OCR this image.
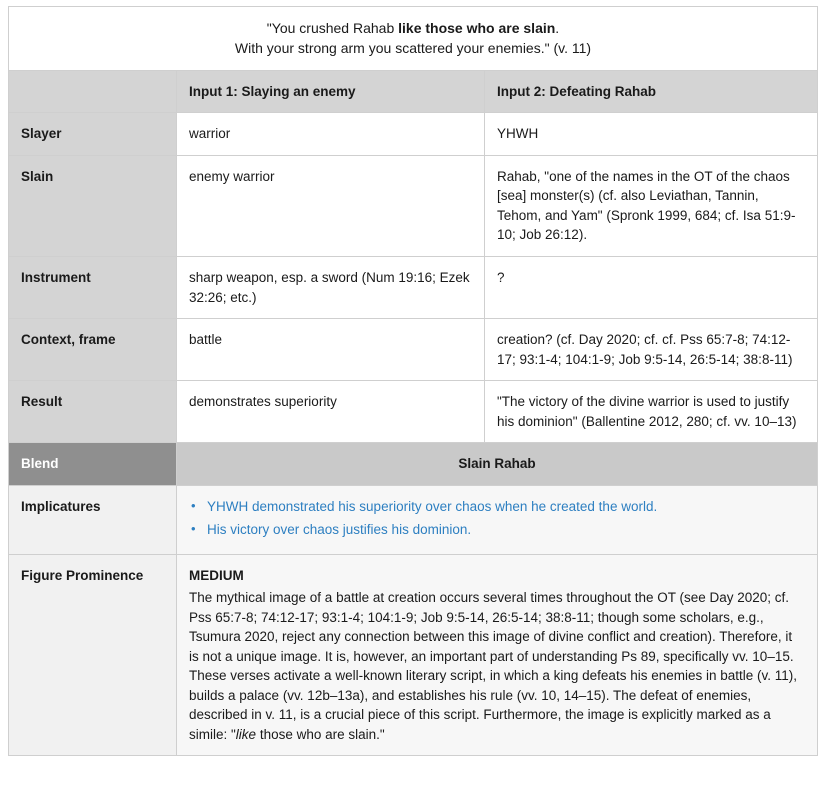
"You crushed Rahab like those who are slain.
With your strong arm you scattered your enemies." (v. 11)		
	Input 1: Slaying an enemy	Input 2: Defeating Rahab
Slayer	warrior	YHWH
Slain	enemy warrior	Rahab, "one of the names in the OT of the chaos [sea] monster(s) (cf. also Leviathan, Tannin, Tehom, and Yam" (Spronk 1999, 684; cf. Isa 51:9-10; Job 26:12).
Instrument	sharp weapon, esp. a sword (Num 19:16; Ezek 32:26; etc.)	?
Context, frame	battle	creation? (cf. Day 2020; cf. cf. Pss 65:7-8; 74:12-17; 93:1-4; 104:1-9; Job 9:5-14, 26:5-14; 38:8-11)
Result	demonstrates superiority	"The victory of the divine warrior is used to justify his dominion" (Ballentine 2012, 280; cf. vv. 10–13)
Blend	Slain Rahab	
Implicatures	
•YHWH demonstrated his superiority over chaos when he created the world.
• His victory over chaos justifies his dominion.

Figure Prominence	MEDIUM
The mythical image of a battle at creation occurs several times throughout the OT (see Day 2020; cf. Pss 65:7-8; 74:12-17; 93:1-4; 104:1-9; Job 9:5-14, 26:5-14; 38:8-11; though some scholars, e.g., Tsumura 2020, reject any connection between this image of divine conflict and creation). Therefore, it is not a unique image. It is, however, an important part of understanding Ps 89, specifically vv. 10–15. These verses activate a well-known literary script, in which a king defeats his enemies in battle (v. 11), builds a palace (vv. 12b–13a), and establishes his rule (vv. 10, 14–15). The defeat of enemies, described in v. 11, is a crucial piece of this script. Furthermore, the image is explicitly marked as a simile: "like those who are slain."	
